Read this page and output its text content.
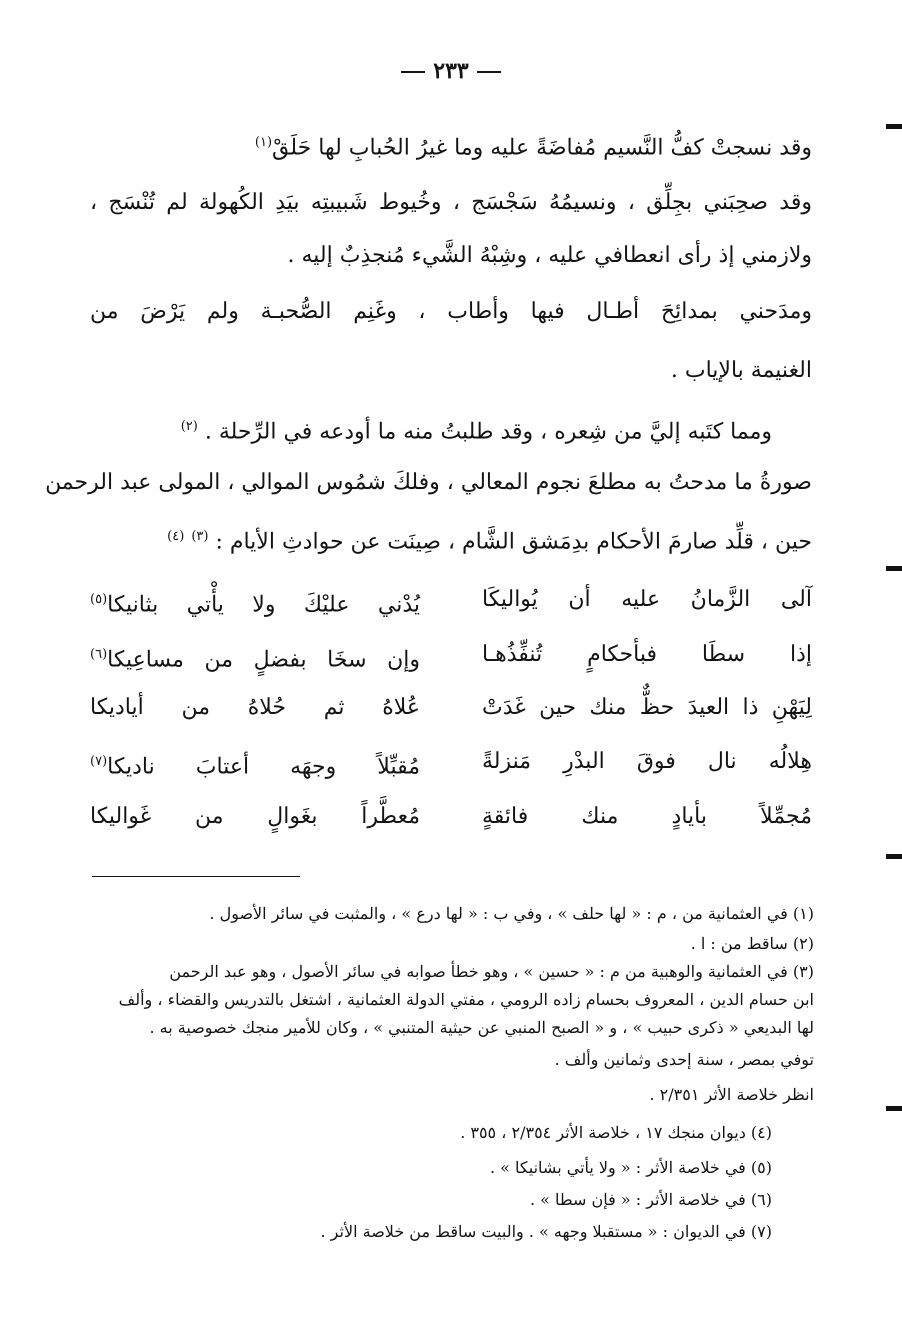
٢٣٣
وقد نسجتْ كفُّ النَّسيم مُفاضَةً عليه وما غيرُ الحُبابِ لها حَلَقْ$^{(١)}$
وقد صحِبَني بجِلِّق ، ونسيمُهُ سَجْسَج ، وخُيوط شَبيبتِه بيَدِ الكُهولة لم تُنْسَج ،
ولازمني إذ رأى انعطافي عليه ، وشِبْهُ الشَّيء مُنجذِبٌ إليه .
ومدَحني بمدائِحَ أطـال فيها وأطاب ، وغَنِم الصُّحبـة ولم يَرْضَ من
الغنيمة بالإياب .
ومما كتَبه إليَّ من شِعره ، وقد طلبتُ منه ما أودعه في الرِّحلة . $^{(٢)}$
صورةُ ما مدحتُ به مطلعَ نجوم المعالي ، وفلكَ شمُوس الموالي ، المولى عبد الرحمن
حين ، قلِّد صارمَ الأحكام بدِمَشق الشَّام ، صِينَت عن حوادثِ الأيام : $^{(٣)}$ $^{(٤)}$
آلى الزَّمانُ عليه أن يُواليكَا
يُدْني عليْكَ ولا يأْتي بثانيكا$^{(٥)}$
إذا سطَا فبأحكامٍ تُنفِّذُهـا
وإن سخَا بفضلٍ من مساعِيكا$^{(٦)}$
لِيَهْنِ ذا العيدَ حظٌّ منك حين غَدَتْ
عُلاهُ ثم حُلاهُ من أياديكا
هِلالُه نال فوقَ البدْرِ مَنزلةً
مُقبِّلاً وجهَه أعتابَ ناديكا$^{(٧)}$
مُجمِّلاً بأيادٍ منك فائقةٍ
مُعطَّراً بغَوالٍ من غَواليكا
(١) في العثمانية من ، م : « لها حلف » ، وفي ب : « لها درع » ، والمثبت في سائر الأصول .
(٢) ساقط من : ا .
(٣) في العثمانية والوهبية من م : « حسين » ، وهو خطأ صوابه في سائر الأصول ، وهو عبد الرحمن
ابن حسام الدين ، المعروف بحسام زاده الرومي ، مفتي الدولة العثمانية ، اشتغل بالتدريس والقضاء ، وألف
لها البديعي « ذكرى حبيب » ، و « الصبح المنبي عن حيثية المتنبي » ، وكان للأمير منجك خصوصية به .
توفي بمصر ، سنة إحدى وثمانين وألف .
انظر خلاصة الأثر ٢/٣٥١ .
(٤) ديوان منجك ١٧ ، خلاصة الأثر ٢/٣٥٤ ، ٣٥٥ .
(٥) في خلاصة الأثر : « ولا يأتي بشانيكا » .
(٦) في خلاصة الأثر : « فإن سطا » .
(٧) في الديوان : « مستقبلا وجهه » . والبيت ساقط من خلاصة الأثر .
